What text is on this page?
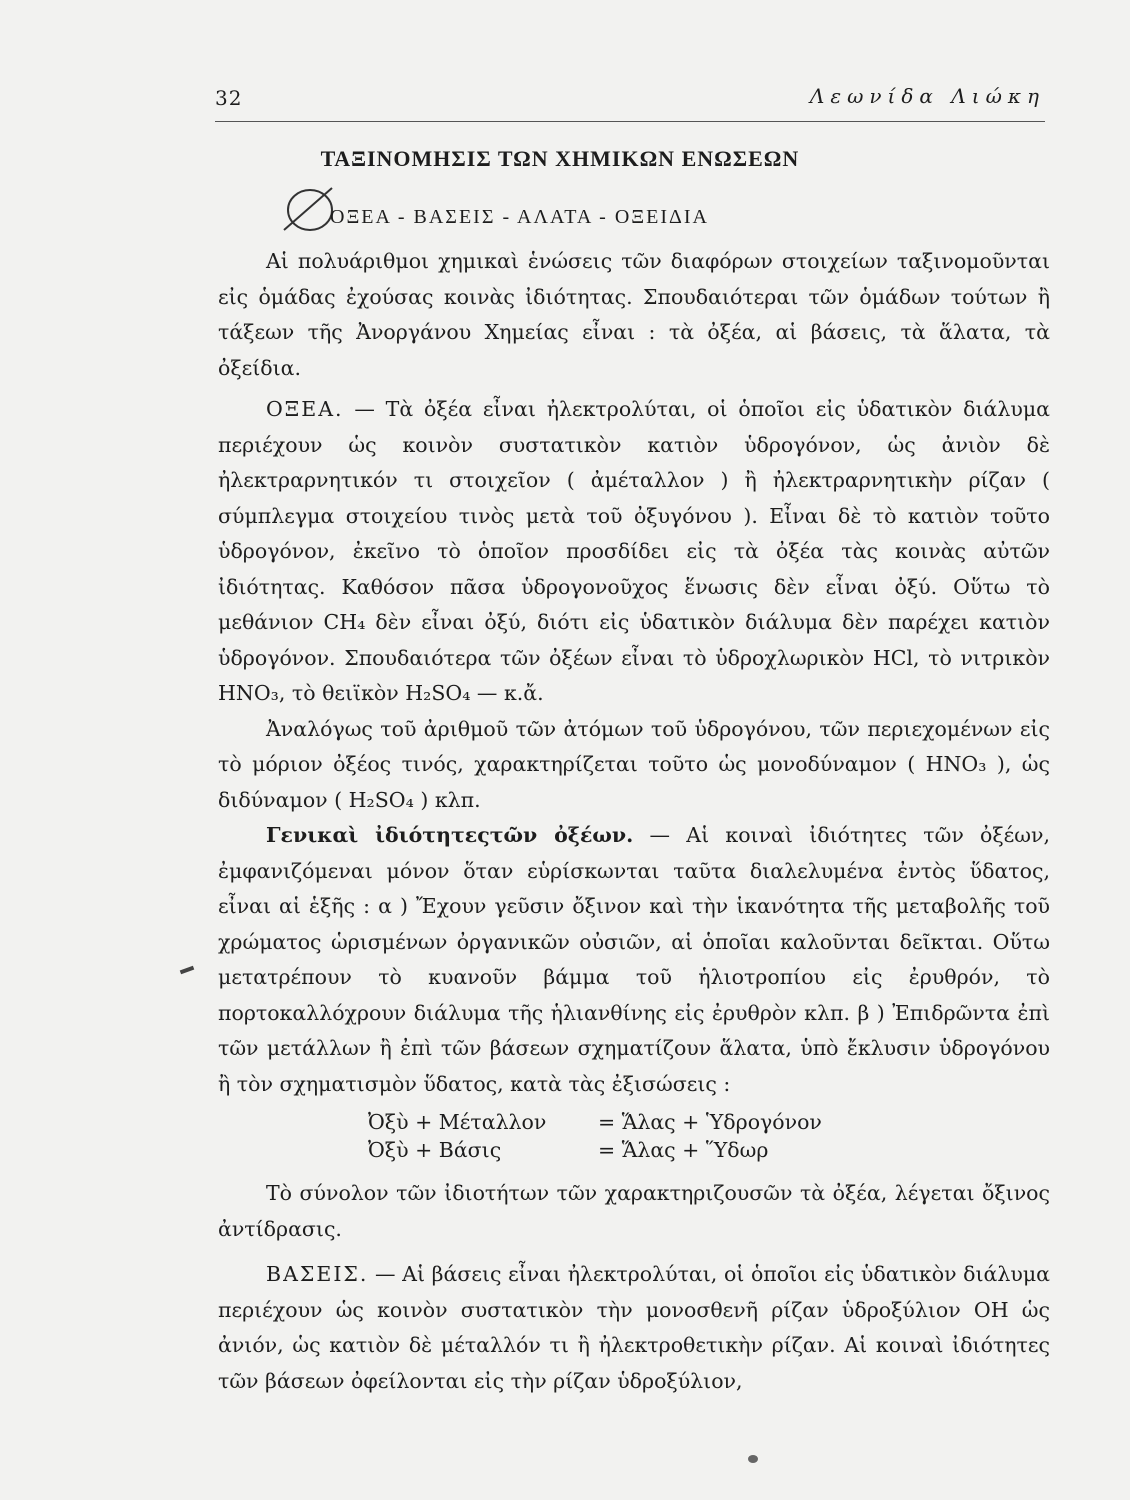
32	Λεωνίδα Λιώκη
ΤΑΞΙΝΟΜΗΣΙΣ ΤΩΝ ΧΗΜΙΚΩΝ ΕΝΩΣΕΩΝ
ΟΞΕΑ - ΒΑΣΕΙΣ - ΑΛΑΤΑ - ΟΞΕΙΔΙΑ

Αἱ πολυάριθμοι χημικαὶ ἑνώσεις τῶν διαφόρων στοιχείων ταξινομοῦνται εἰς ὁμάδας ἐχούσας κοινὰς ἰδιότητας. Σπουδαιότεραι τῶν ὁμάδων τούτων ἢ τάξεων τῆς Ἀνοργάνου Χημείας εἶναι : τὰ ὀξέα, αἱ βάσεις, τὰ ἅλατα, τὰ ὀξείδια.

ΟΞΕΑ. — Τὰ ὀξέα εἶναι ἠλεκτρολύται, οἱ ὁποῖοι εἰς ὑδατικὸν διάλυμα περιέχουν ὡς κοινὸν συστατικὸν κατιὸν ὑδρογόνον, ὡς ἀνιὸν δὲ ἠλεκτραρνητικόν τι στοιχεῖον ( ἀμέταλλον ) ἢ ἠλεκτραρνητικὴν ρίζαν ( σύμπλεγμα στοιχείου τινὸς μετὰ τοῦ ὀξυγόνου ). Εἶναι δὲ τὸ κατιὸν τοῦτο ὑδρογόνον, ἐκεῖνο τὸ ὁποῖον προσδίδει εἰς τὰ ὀξέα τὰς κοινὰς αὐτῶν ἰδιότητας. Καθόσον πᾶσα ὑδρογονοῦχος ἕνωσις δὲν εἶναι ὀξύ. Οὕτω τὸ μεθάνιον CH₄ δὲν εἶναι ὀξύ, διότι εἰς ὑδατικὸν διάλυμα δὲν παρέχει κατιὸν ὑδρογόνον. Σπουδαιότερα τῶν ὀξέων εἶναι τὸ ὑδροχλωρικὸν HCl, τὸ νιτρικὸν HNO₃, τὸ θειϊκὸν H₂SO₄ — κ.ἄ.

Ἀναλόγως τοῦ ἀριθμοῦ τῶν ἀτόμων τοῦ ὑδρογόνου, τῶν περιεχομένων εἰς τὸ μόριον ὀξέος τινός, χαρακτηρίζεται τοῦτο ὡς μονοδύναμον ( HNO₃ ), ὡς διδύναμον ( H₂SO₄ ) κλπ.

Γενικαὶ ἰδιότητεςτῶν ὀξέων. — Αἱ κοιναὶ ἰδιότητες τῶν ὀξέων, ἐμφανιζόμεναι μόνον ὅταν εὑρίσκωνται ταῦτα διαλελυμένα ἐντὸς ὕδατος, εἶναι αἱ ἑξῆς : α ) Ἔχουν γεῦσιν ὄξινον καὶ τὴν ἱκανότητα τῆς μεταβολῆς τοῦ χρώματος ὡρισμένων ὀργανικῶν οὐσιῶν, αἱ ὁποῖαι καλοῦνται δεῖκται. Οὕτω μετατρέπουν τὸ κυανοῦν βάμμα τοῦ ἡλιοτροπίου εἰς ἐρυθρόν, τὸ πορτοκαλλόχρουν διάλυμα τῆς ἡλιανθίνης εἰς ἐρυθρὸν κλπ. β ) Ἐπιδρῶντα ἐπὶ τῶν μετάλλων ἢ ἐπὶ τῶν βάσεων σχηματίζουν ἅλατα, ὑπὸ ἔκλυσιν ὑδρογόνου ἢ τὸν σχηματισμὸν ὕδατος, κατὰ τὰς ἐξισώσεις :

Ὀξὺ + Μέταλλον	= Ἅλας + Ὑδρογόνον
Ὀξὺ + Βάσις	= Ἅλας + Ὕδωρ

Τὸ σύνολον τῶν ἰδιοτήτων τῶν χαρακτηριζουσῶν τὰ ὀξέα, λέγεται ὄξινος ἀντίδρασις.

ΒΑΣΕΙΣ. — Αἱ βάσεις εἶναι ἠλεκτρολύται, οἱ ὁποῖοι εἰς ὑδατικὸν διάλυμα περιέχουν ὡς κοινὸν συστατικὸν τὴν μονοσθενῆ ρίζαν ὑδροξύλιον OH ὡς ἀνιόν, ὡς κατιὸν δὲ μέταλλόν τι ἢ ἠλεκτροθετικὴν ρίζαν. Αἱ κοιναὶ ἰδιότητες τῶν βάσεων ὀφείλονται εἰς τὴν ρίζαν ὑδροξύλιον,
